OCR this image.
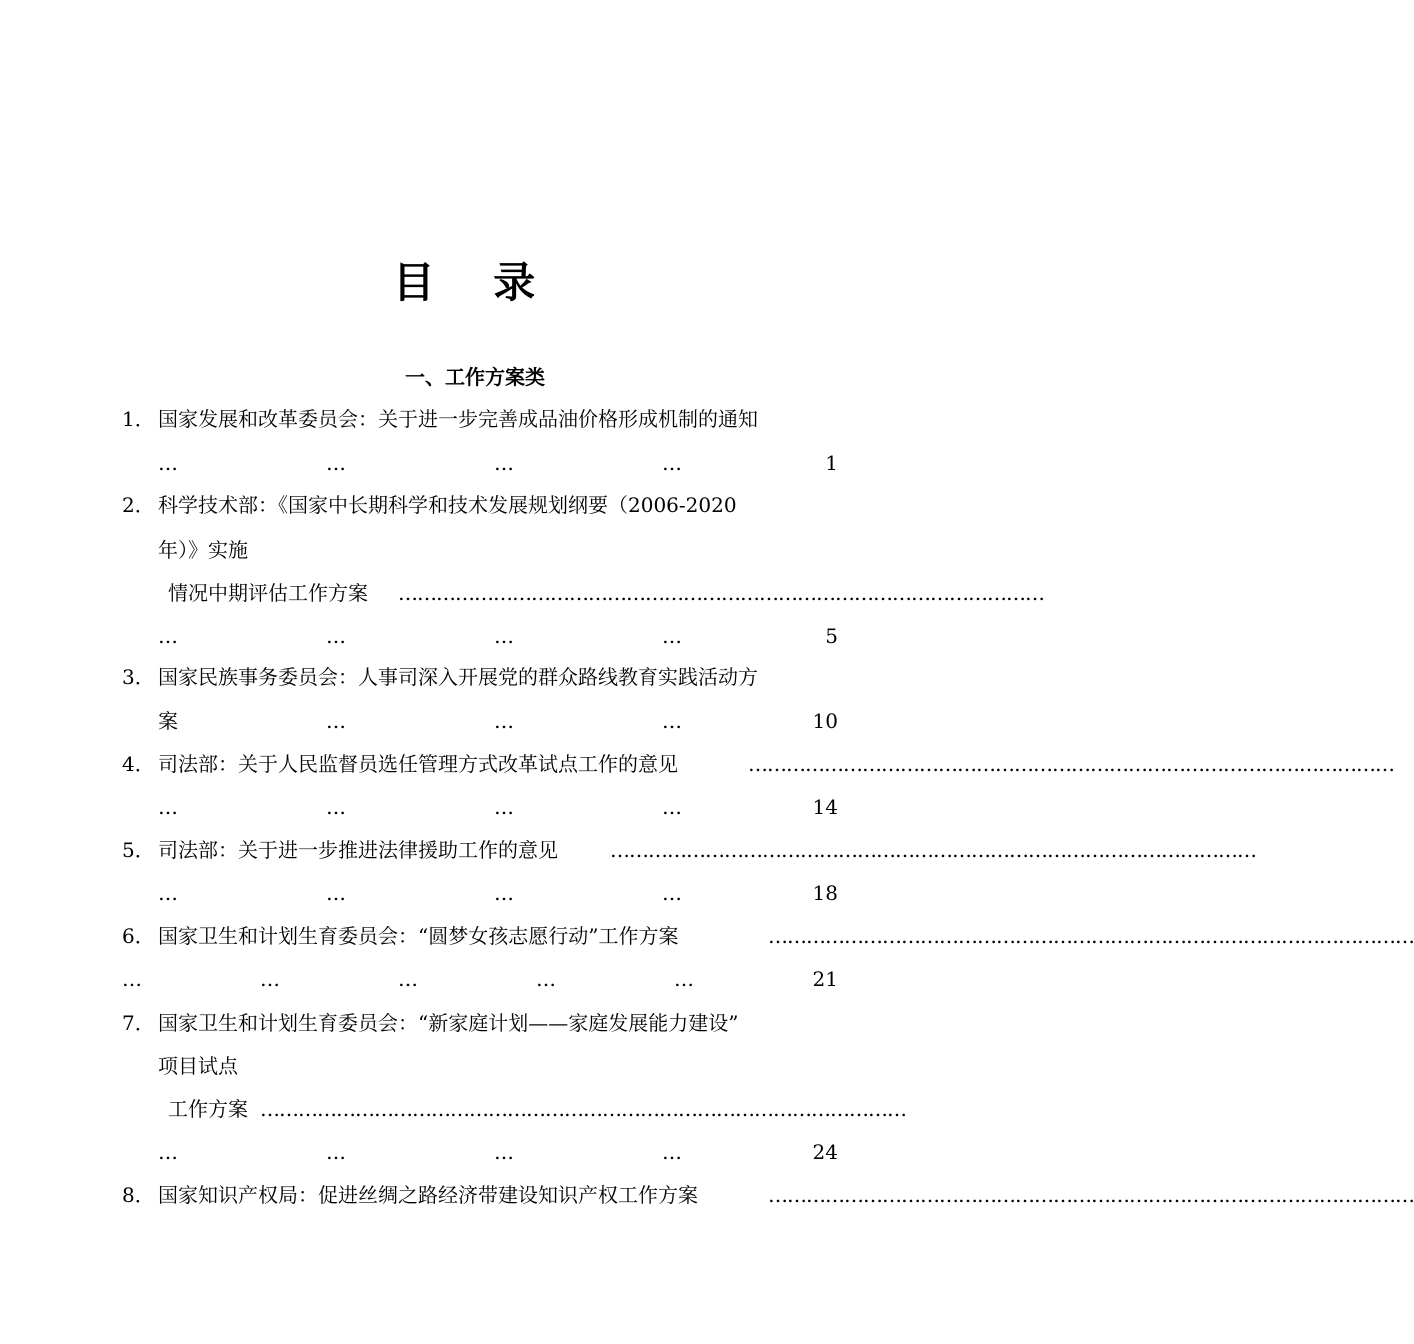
目 录
一、工作方案类
1． 国家发展和改革委员会：关于进一步完善成品油价格形成机制的通知
…	…	…	…	1
2． 科学技术部：《国家中长期科学和技术发展规划纲要（2006-2020
年）》实施
情况中期评估工作方案 …………………………………………………………………………………………
…	…	…	…	5
3． 国家民族事务委员会：人事司深入开展党的群众路线教育实践活动方
案	…	…	…	10
4． 司法部：关于人民监督员选任管理方式改革试点工作的意见	…………………………………………………………………………………………
…	…	…	…	14
5． 司法部：关于进一步推进法律援助工作的意见	…………………………………………………………………………………………
…	…	…	…	18
6． 国家卫生和计划生育委员会：“圆梦女孩志愿行动”工作方案	…………………………………………………………………………………………
…	…	…	…	…	21
7． 国家卫生和计划生育委员会：“新家庭计划——家庭发展能力建设”
项目试点
工作方案 …………………………………………………………………………………………
…	…	…	…	24
8． 国家知识产权局：促进丝绸之路经济带建设知识产权工作方案	…………………………………………………………………………………………
